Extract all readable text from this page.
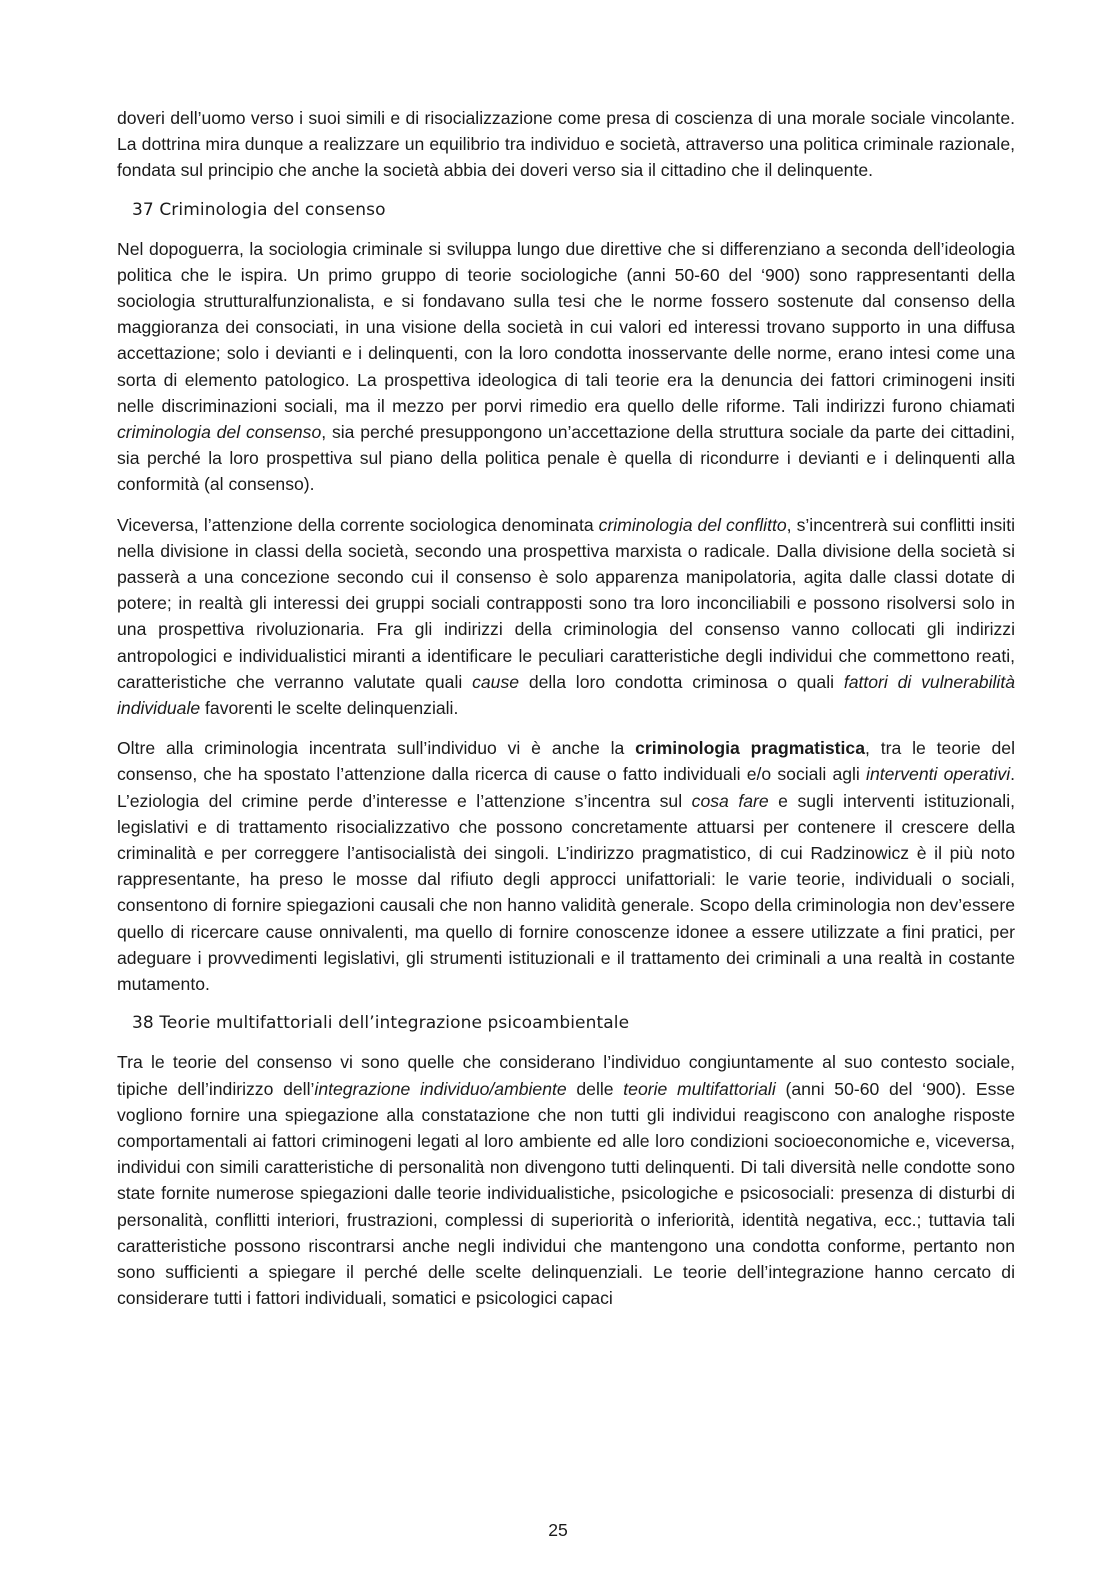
doveri dell’uomo verso i suoi simili e di risocializzazione come presa di coscienza di una morale sociale vincolante. La dottrina mira dunque a realizzare un equilibrio tra individuo e società, attraverso una politica criminale razionale, fondata sul principio che anche la società abbia dei doveri verso sia il cittadino che il delinquente.

37 Criminologia del consenso

Nel dopoguerra, la sociologia criminale si sviluppa lungo due direttive che si differenziano a seconda dell’ideologia politica che le ispira. Un primo gruppo di teorie sociologiche (anni 50-60 del ‘900) sono rappresentanti della sociologia strutturalfunzionalista, e si fondavano sulla tesi che le norme fossero sostenute dal consenso della maggioranza dei consociati, in una visione della società in cui valori ed interessi trovano supporto in una diffusa accettazione; solo i devianti e i delinquenti, con la loro condotta inosservante delle norme, erano intesi come una sorta di elemento patologico. La prospettiva ideologica di tali teorie era la denuncia dei fattori criminogeni insiti nelle discriminazioni sociali, ma il mezzo per porvi rimedio era quello delle riforme. Tali indirizzi furono chiamati criminologia del consenso, sia perché presuppongono un’accettazione della struttura sociale da parte dei cittadini, sia perché la loro prospettiva sul piano della politica penale è quella di ricondurre i devianti e i delinquenti alla conformità (al consenso).

Viceversa, l’attenzione della corrente sociologica denominata criminologia del conflitto, s’incentrerà sui conflitti insiti nella divisione in classi della società, secondo una prospettiva marxista o radicale. Dalla divisione della società si passerà a una concezione secondo cui il consenso è solo apparenza manipolatoria, agita dalle classi dotate di potere; in realtà gli interessi dei gruppi sociali contrapposti sono tra loro inconciliabili e possono risolversi solo in una prospettiva rivoluzionaria. Fra gli indirizzi della criminologia del consenso vanno collocati gli indirizzi antropologici e individualistici miranti a identificare le peculiari caratteristiche degli individui che commettono reati, caratteristiche che verranno valutate quali cause della loro condotta criminosa o quali fattori di vulnerabilità individuale favorenti le scelte delinquenziali.

Oltre alla criminologia incentrata sull’individuo vi è anche la criminologia pragmatistica, tra le teorie del consenso, che ha spostato l’attenzione dalla ricerca di cause o fatto individuali e/o sociali agli interventi operativi. L’eziologia del crimine perde d’interesse e l’attenzione s’incentra sul cosa fare e sugli interventi istituzionali, legislativi e di trattamento risocializzativo che possono concretamente attuarsi per contenere il crescere della criminalità e per correggere l’antisocialistà dei singoli. L’indirizzo pragmatistico, di cui Radzinowicz è il più noto rappresentante, ha preso le mosse dal rifiuto degli approcci unifattoriali: le varie teorie, individuali o sociali, consentono di fornire spiegazioni causali che non hanno validità generale. Scopo della criminologia non dev’essere quello di ricercare cause onnivalenti, ma quello di fornire conoscenze idonee a essere utilizzate a fini pratici, per adeguare i provvedimenti legislativi, gli strumenti istituzionali e il trattamento dei criminali a una realtà in costante mutamento.

38 Teorie multifattoriali dell’integrazione psicoambientale

Tra le teorie del consenso vi sono quelle che considerano l’individuo congiuntamente al suo contesto sociale, tipiche dell’indirizzo dell’integrazione individuo/ambiente delle teorie multifattoriali (anni 50-60 del ‘900). Esse vogliono fornire una spiegazione alla constatazione che non tutti gli individui reagiscono con analoghe risposte comportamentali ai fattori criminogeni legati al loro ambiente ed alle loro condizioni socioeconomiche e, viceversa, individui con simili caratteristiche di personalità non divengono tutti delinquenti. Di tali diversità nelle condotte sono state fornite numerose spiegazioni dalle teorie individualistiche, psicologiche e psicosociali: presenza di disturbi di personalità, conflitti interiori, frustrazioni, complessi di superiorità o inferiorità, identità negativa, ecc.; tuttavia tali caratteristiche possono riscontrarsi anche negli individui che mantengono una condotta conforme, pertanto non sono sufficienti a spiegare il perché delle scelte delinquenziali. Le teorie dell’integrazione hanno cercato di considerare tutti i fattori individuali, somatici e psicologici capaci

25
